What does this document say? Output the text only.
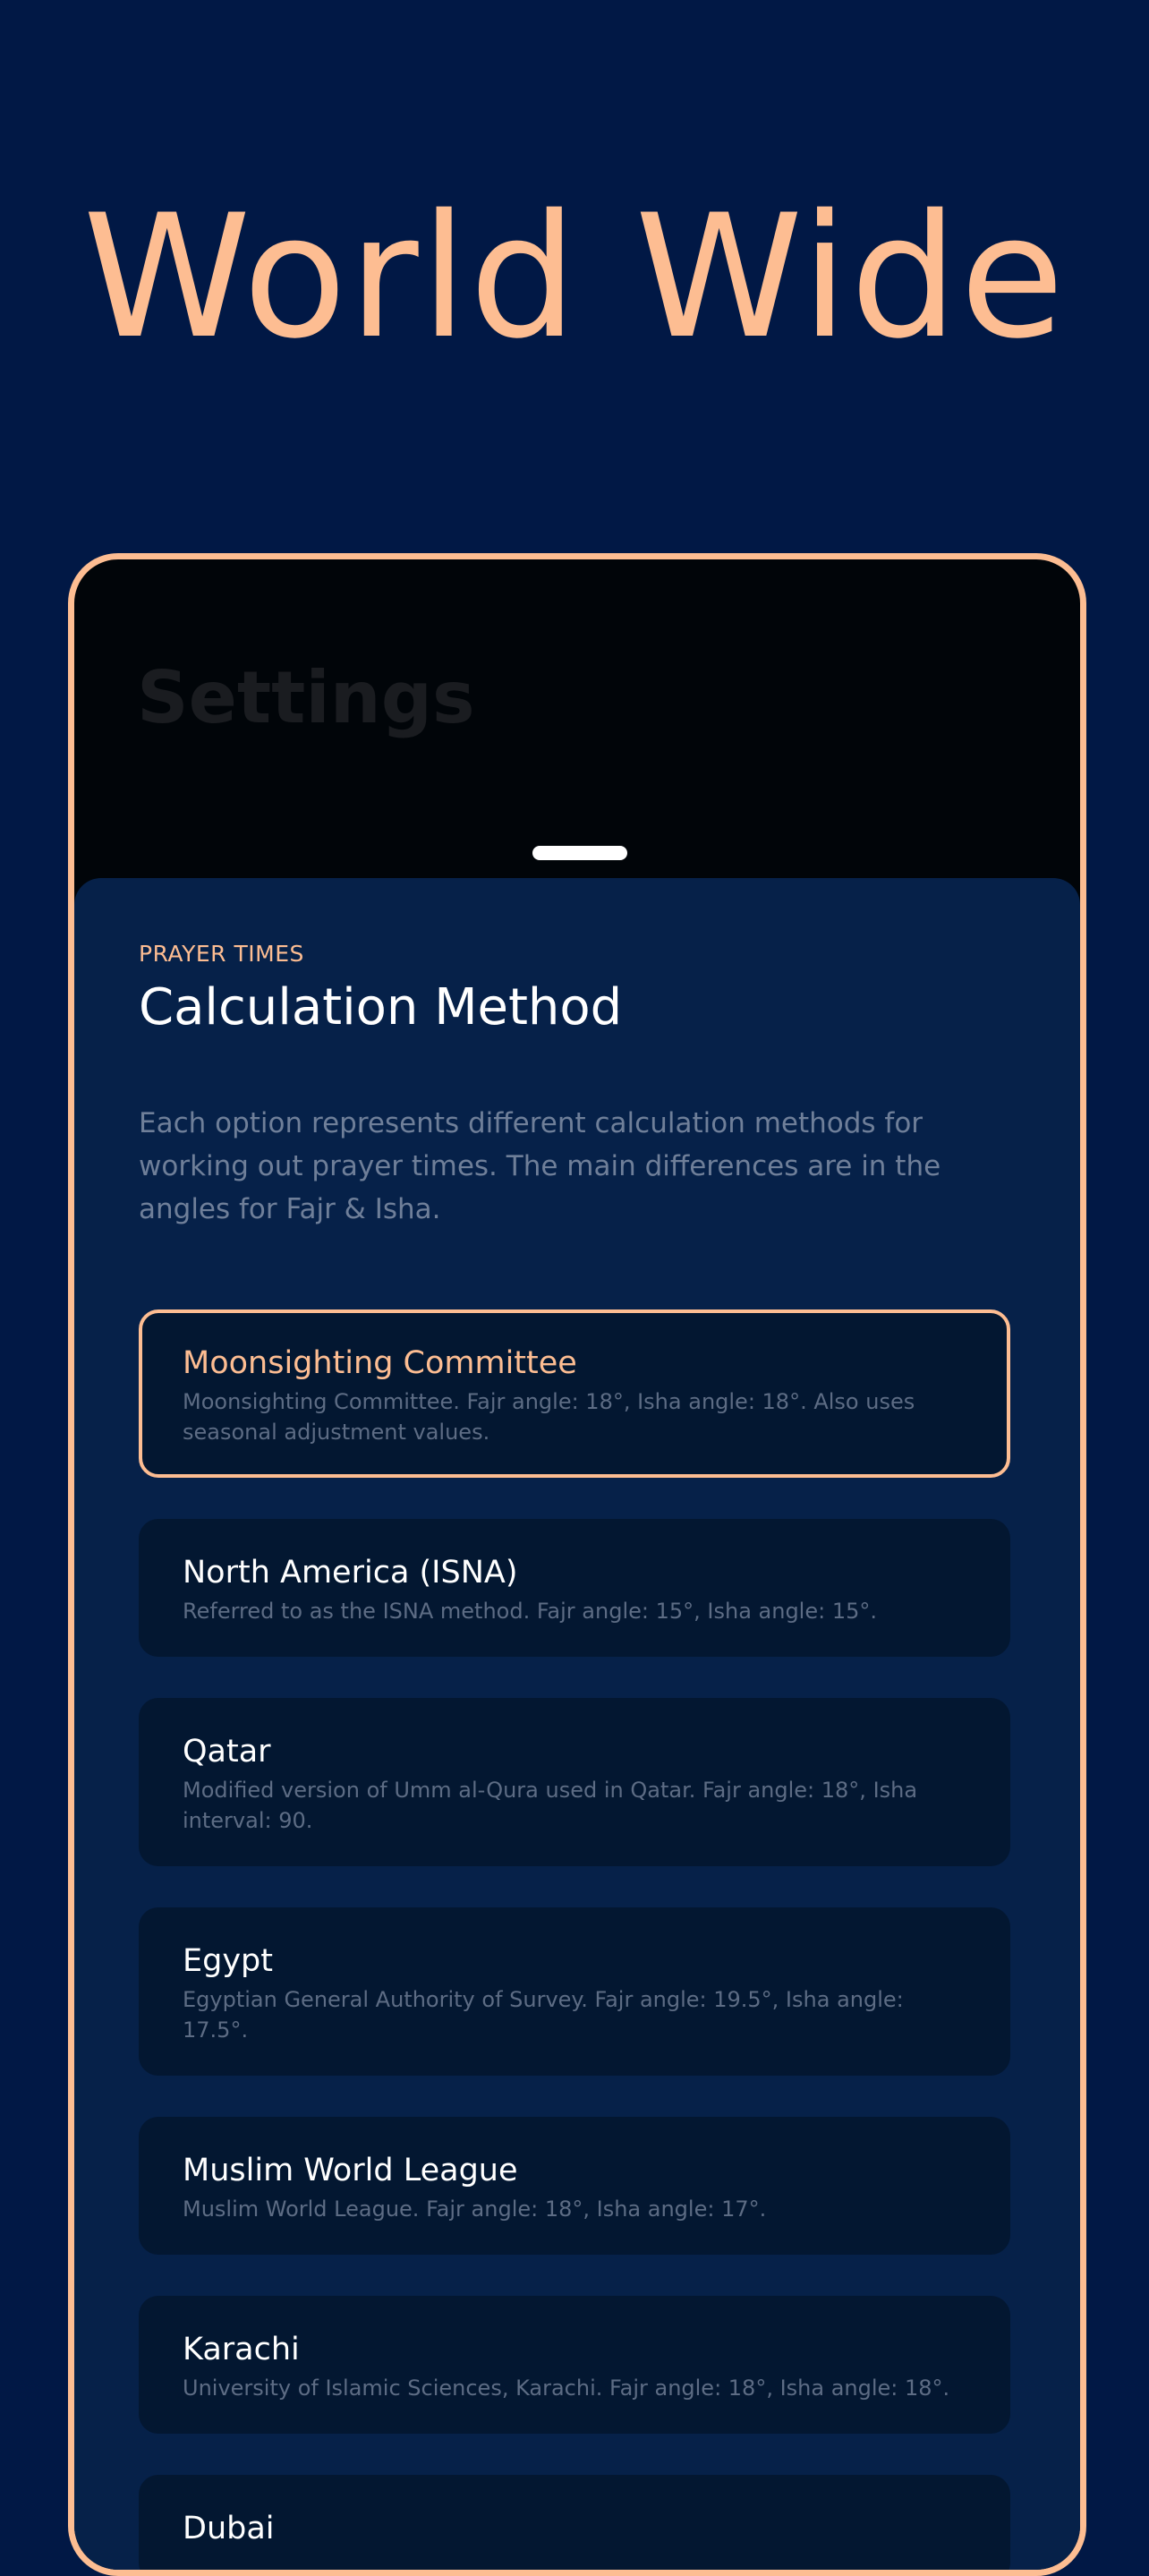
World Wide
Settings
PRAYER TIMES
Calculation Method

Each option represents different calculation methods for working out prayer times. The main differences are in the angles for Fajr & Isha.

Moonsighting Committee
Moonsighting Committee. Fajr angle: 18°, Isha angle: 18°. Also uses seasonal adjustment values.
North America (ISNA)
Referred to as the ISNA method. Fajr angle: 15°, Isha angle: 15°.
Qatar
Modified version of Umm al-Qura used in Qatar. Fajr angle: 18°, Isha interval: 90.
Egypt
Egyptian General Authority of Survey. Fajr angle: 19.5°, Isha angle: 17.5°.
Muslim World League
Muslim World League. Fajr angle: 18°, Isha angle: 17°.
Karachi
University of Islamic Sciences, Karachi. Fajr angle: 18°, Isha angle: 18°.
Dubai
